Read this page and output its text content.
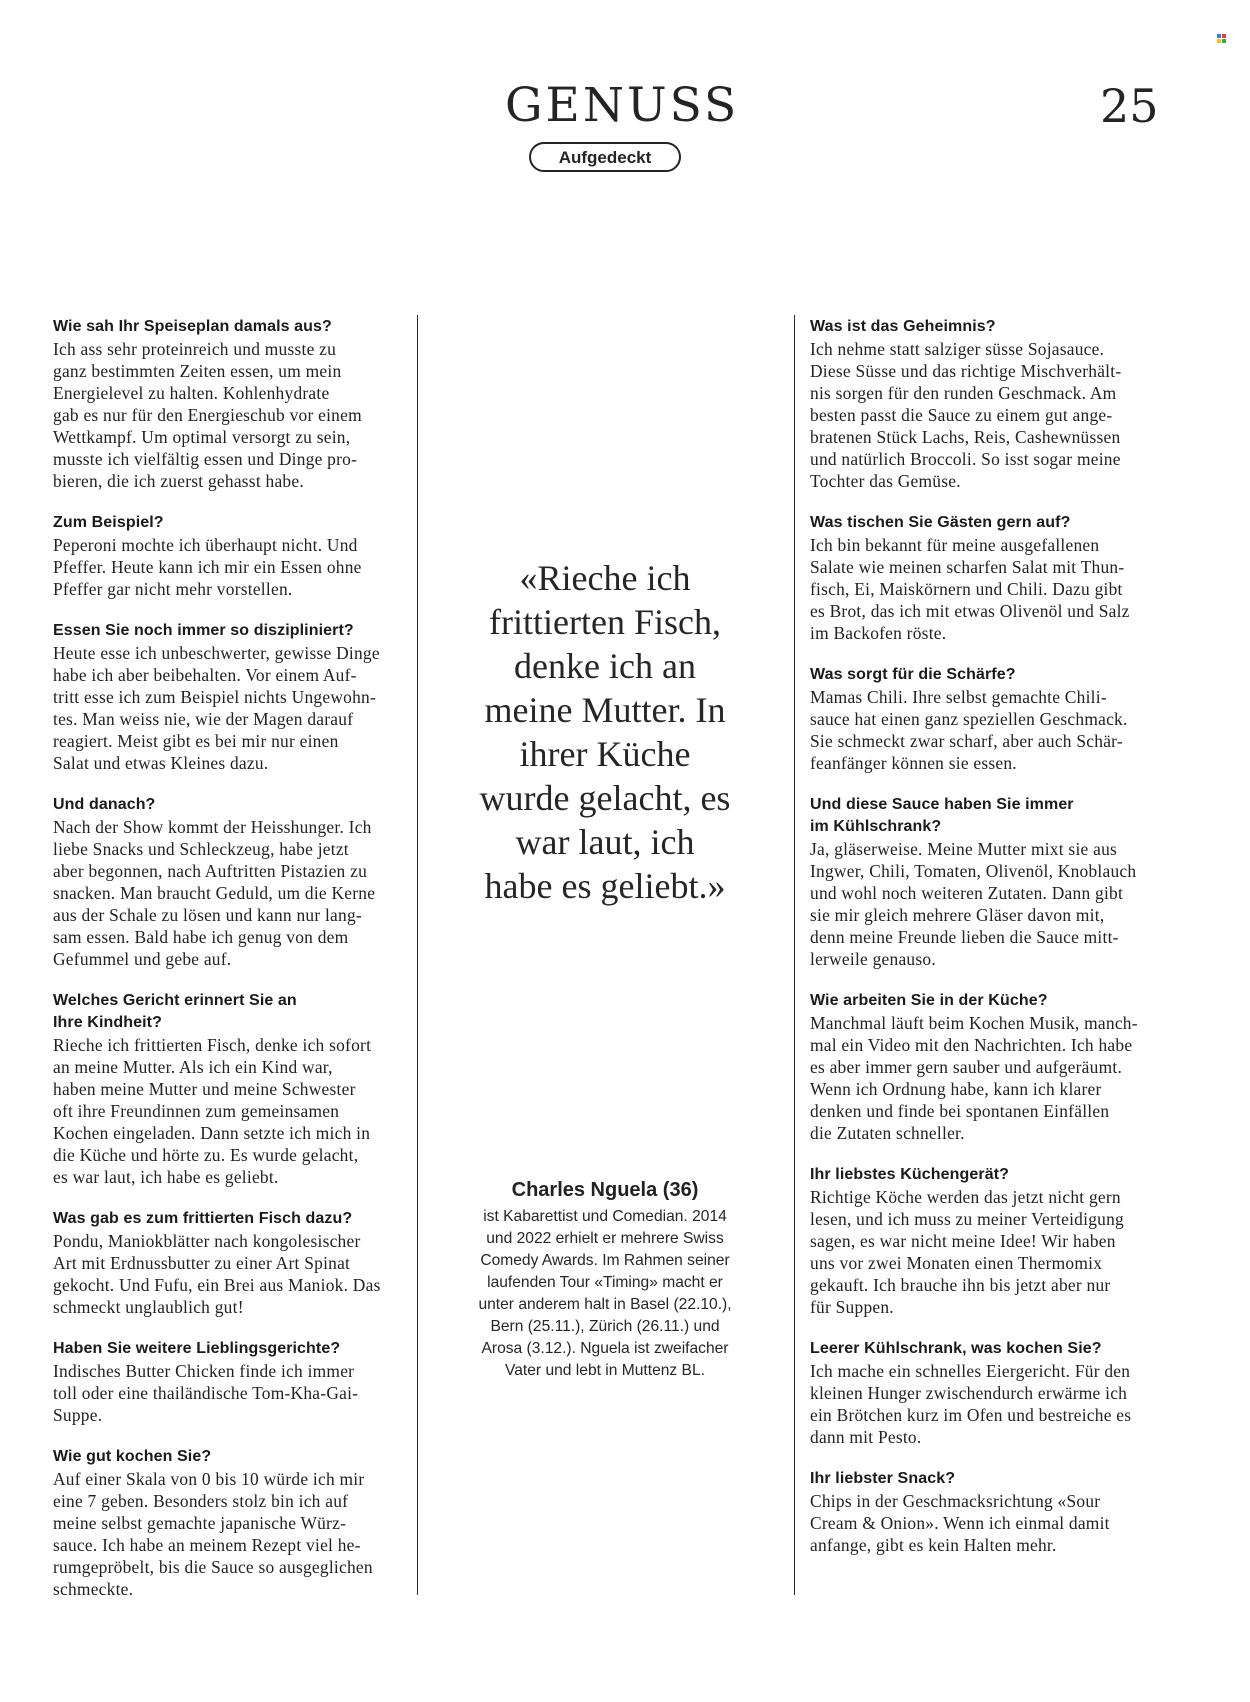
GENUSS
Aufgedeckt
25
Wie sah Ihr Speiseplan damals aus?
Ich ass sehr proteinreich und musste zu
ganz bestimmten Zeiten essen, um mein
Energielevel zu halten. Kohlenhydrate
gab es nur für den Energieschub vor einem
Wettkampf. Um optimal versorgt zu sein,
musste ich vielfältig essen und Dinge pro-
bieren, die ich zuerst gehasst habe.
Zum Beispiel?
Peperoni mochte ich überhaupt nicht. Und
Pfeffer. Heute kann ich mir ein Essen ohne
Pfeffer gar nicht mehr vorstellen.
Essen Sie noch immer so diszipliniert?
Heute esse ich unbeschwerter, gewisse Dinge
habe ich aber beibehalten. Vor einem Auf-
tritt esse ich zum Beispiel nichts Ungewohn-
tes. Man weiss nie, wie der Magen darauf
reagiert. Meist gibt es bei mir nur einen
Salat und etwas Kleines dazu.
Und danach?
Nach der Show kommt der Heisshunger. Ich
liebe Snacks und Schleckzeug, habe jetzt
aber begonnen, nach Auftritten Pistazien zu
snacken. Man braucht Geduld, um die Kerne
aus der Schale zu lösen und kann nur lang-
sam essen. Bald habe ich genug von dem
Gefummel und gebe auf.
Welches Gericht erinnert Sie an
Ihre Kindheit?
Rieche ich frittierten Fisch, denke ich sofort
an meine Mutter. Als ich ein Kind war,
haben meine Mutter und meine Schwester
oft ihre Freundinnen zum gemeinsamen
Kochen eingeladen. Dann setzte ich mich in
die Küche und hörte zu. Es wurde gelacht,
es war laut, ich habe es geliebt.
Was gab es zum frittierten Fisch dazu?
Pondu, Maniokblätter nach kongolesischer
Art mit Erdnussbutter zu einer Art Spinat
gekocht. Und Fufu, ein Brei aus Maniok. Das
schmeckt unglaublich gut!
Haben Sie weitere Lieblingsgerichte?
Indisches Butter Chicken finde ich immer
toll oder eine thailändische Tom-Kha-Gai-
Suppe.
Wie gut kochen Sie?
Auf einer Skala von 0 bis 10 würde ich mir
eine 7 geben. Besonders stolz bin ich auf
meine selbst gemachte japanische Würz-
sauce. Ich habe an meinem Rezept viel he-
rumgepröbelt, bis die Sauce so ausgeglichen
schmeckte.
«Rieche ich
frittierten Fisch,
denke ich an
meine Mutter. In
ihrer Küche
wurde gelacht, es
war laut, ich
habe es geliebt.»
Charles Nguela (36)
ist Kabarettist und Comedian. 2014
und 2022 erhielt er mehrere Swiss
Comedy Awards. Im Rahmen seiner
laufenden Tour «Timing» macht er
unter anderem halt in Basel (22.10.),
Bern (25.11.), Zürich (26.11.) und
Arosa (3.12.). Nguela ist zweifacher
Vater und lebt in Muttenz BL.
Was ist das Geheimnis?
Ich nehme statt salziger süsse Sojasauce.
Diese Süsse und das richtige Mischverhält-
nis sorgen für den runden Geschmack. Am
besten passt die Sauce zu einem gut ange-
bratenen Stück Lachs, Reis, Cashewnüssen
und natürlich Broccoli. So isst sogar meine
Tochter das Gemüse.
Was tischen Sie Gästen gern auf?
Ich bin bekannt für meine ausgefallenen
Salate wie meinen scharfen Salat mit Thun-
fisch, Ei, Maiskörnern und Chili. Dazu gibt
es Brot, das ich mit etwas Olivenöl und Salz
im Backofen röste.
Was sorgt für die Schärfe?
Mamas Chili. Ihre selbst gemachte Chili-
sauce hat einen ganz speziellen Geschmack.
Sie schmeckt zwar scharf, aber auch Schär-
feanfänger können sie essen.
Und diese Sauce haben Sie immer
im Kühlschrank?
Ja, gläserweise. Meine Mutter mixt sie aus
Ingwer, Chili, Tomaten, Olivenöl, Knoblauch
und wohl noch weiteren Zutaten. Dann gibt
sie mir gleich mehrere Gläser davon mit,
denn meine Freunde lieben die Sauce mitt-
lerweile genauso.
Wie arbeiten Sie in der Küche?
Manchmal läuft beim Kochen Musik, manch-
mal ein Video mit den Nachrichten. Ich habe
es aber immer gern sauber und aufgeräumt.
Wenn ich Ordnung habe, kann ich klarer
denken und finde bei spontanen Einfällen
die Zutaten schneller.
Ihr liebstes Küchengerät?
Richtige Köche werden das jetzt nicht gern
lesen, und ich muss zu meiner Verteidigung
sagen, es war nicht meine Idee! Wir haben
uns vor zwei Monaten einen Thermomix
gekauft. Ich brauche ihn bis jetzt aber nur
für Suppen.
Leerer Kühlschrank, was kochen Sie?
Ich mache ein schnelles Eiergericht. Für den
kleinen Hunger zwischendurch erwärme ich
ein Brötchen kurz im Ofen und bestreiche es
dann mit Pesto.
Ihr liebster Snack?
Chips in der Geschmacksrichtung «Sour
Cream & Onion». Wenn ich einmal damit
anfange, gibt es kein Halten mehr.
